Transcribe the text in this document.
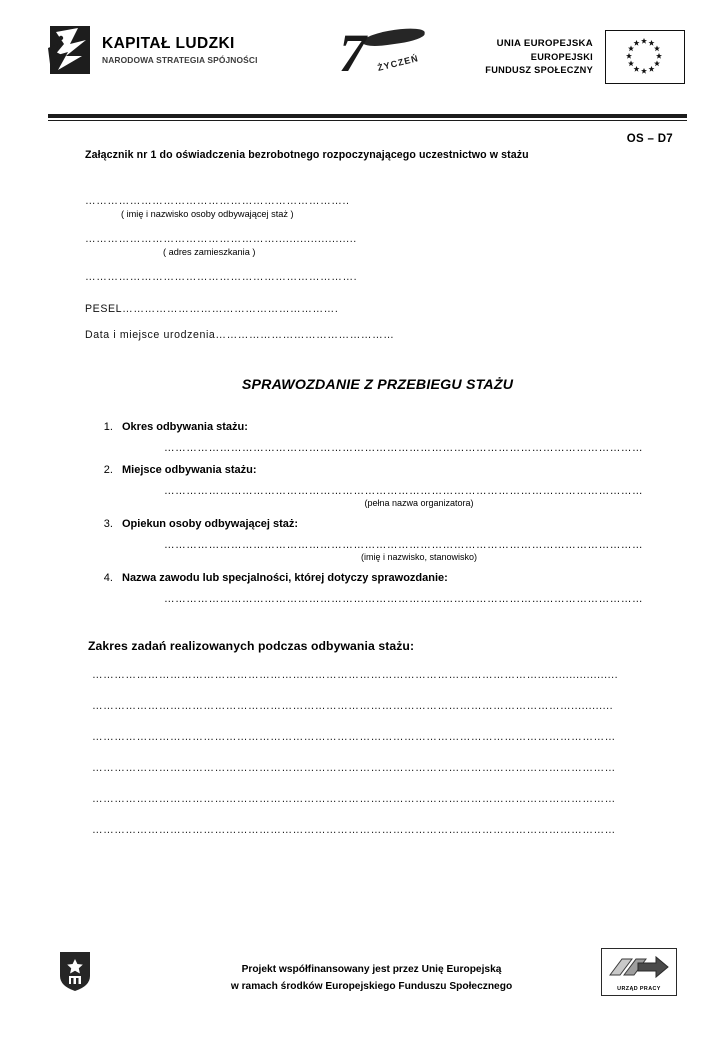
KAPITAŁ LUDZKI
NARODOWA STRATEGIA SPÓJNOŚCI 7 ŻYCZEŃ
UNIA EUROPEJSKA
EUROPEJSKI
FUNDUSZ SPOŁECZNY
OS – D7
Załącznik nr 1 do oświadczenia bezrobotnego rozpoczynającego uczestnictwo w stażu
……………………………………………………………..
( imię i nazwisko osoby odbywającej staż )
…………………………………………….......................
( adres zamieszkania )
……………………………………………………………….
PESEL………………………………………………….
Data i miejsce urodzenia…………………………………………
SPRAWOZDANIE Z PRZEBIEGU STAŻU
1. Okres odbywania stażu:
…………………………………………………………………………………………………………………
2. Miejsce odbywania stażu:
…………………………………………………………………………………………………………………
(pełna nazwa organizatora)
3. Opiekun osoby odbywającej staż:
…………………………………………………………………………………………………………………
(imię i nazwisko, stanowisko)
4. Nazwa zawodu lub specjalności, której dotyczy sprawozdanie:
…………………………………………………………………………………………………………………
Zakres zadań realizowanych podczas odbywania stażu:
………………………………………………………………………………………………………….......................
…………………………………………………………………………………………………………………............
……………………………………………………………………………………………………………………………
……………………………………………………………………………………………………………………………
……………………………………………………………………………………………………………………………
……………………………………………………………………………………………………………………………
Projekt współfinansowany jest przez Unię Europejską
w ramach środków Europejskiego Funduszu Społecznego	URZĄD PRACY
